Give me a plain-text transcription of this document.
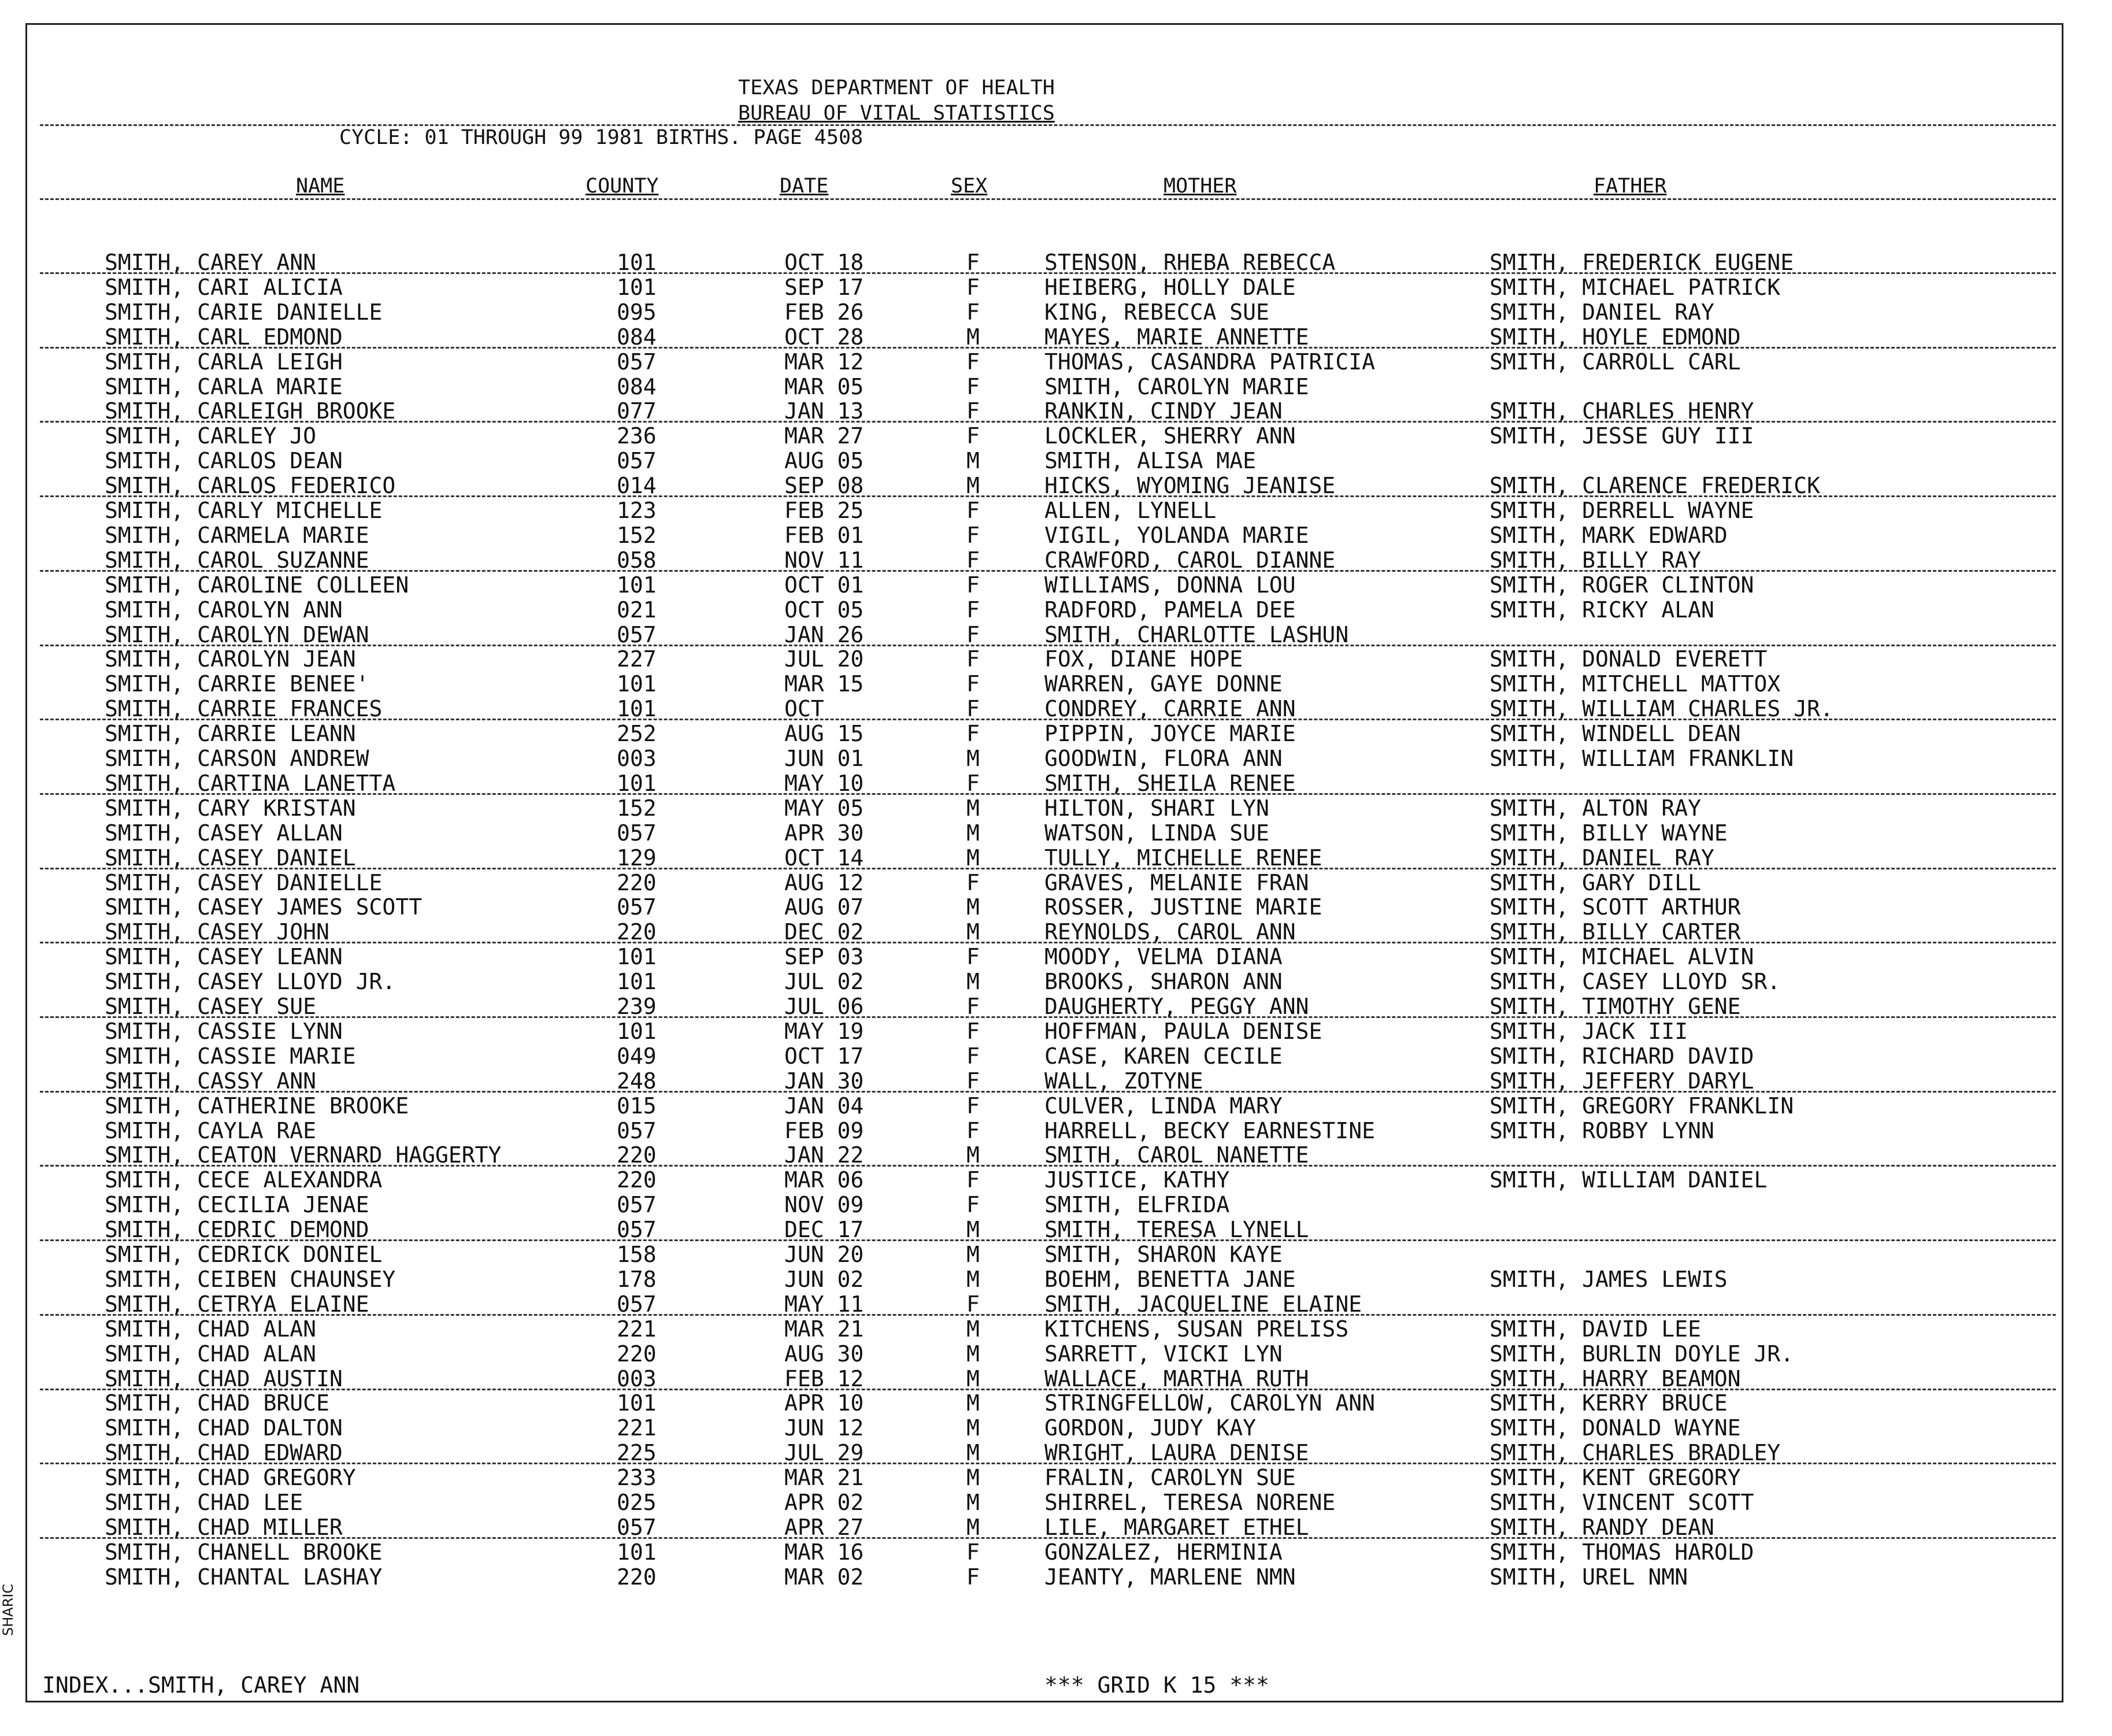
SHARIC
TEXAS DEPARTMENT OF HEALTH
BUREAU OF VITAL STATISTICS
CYCLE: 01 THROUGH 99 1981 BIRTHS. PAGE 4508
NAME	COUNTY	DATE	SEX	MOTHER	FATHER
SMITH, CAREY ANN	101	OCT 18	F	STENSON, RHEBA REBECCA	SMITH, FREDERICK EUGENE
SMITH, CARI ALICIA	101	SEP 17	F	HEIBERG, HOLLY DALE	SMITH, MICHAEL PATRICK
SMITH, CARIE DANIELLE	095	FEB 26	F	KING, REBECCA SUE	SMITH, DANIEL RAY
SMITH, CARL EDMOND	084	OCT 28	M	MAYES, MARIE ANNETTE	SMITH, HOYLE EDMOND
SMITH, CARLA LEIGH	057	MAR 12	F	THOMAS, CASANDRA PATRICIA	SMITH, CARROLL CARL
SMITH, CARLA MARIE	084	MAR 05	F	SMITH, CAROLYN MARIE
SMITH, CARLEIGH BROOKE	077	JAN 13	F	RANKIN, CINDY JEAN	SMITH, CHARLES HENRY
SMITH, CARLEY JO	236	MAR 27	F	LOCKLER, SHERRY ANN	SMITH, JESSE GUY III
SMITH, CARLOS DEAN	057	AUG 05	M	SMITH, ALISA MAE
SMITH, CARLOS FEDERICO	014	SEP 08	M	HICKS, WYOMING JEANISE	SMITH, CLARENCE FREDERICK
SMITH, CARLY MICHELLE	123	FEB 25	F	ALLEN, LYNELL	SMITH, DERRELL WAYNE
SMITH, CARMELA MARIE	152	FEB 01	F	VIGIL, YOLANDA MARIE	SMITH, MARK EDWARD
SMITH, CAROL SUZANNE	058	NOV 11	F	CRAWFORD, CAROL DIANNE	SMITH, BILLY RAY
SMITH, CAROLINE COLLEEN	101	OCT 01	F	WILLIAMS, DONNA LOU	SMITH, ROGER CLINTON
SMITH, CAROLYN ANN	021	OCT 05	F	RADFORD, PAMELA DEE	SMITH, RICKY ALAN
SMITH, CAROLYN DEWAN	057	JAN 26	F	SMITH, CHARLOTTE LASHUN
SMITH, CAROLYN JEAN	227	JUL 20	F	FOX, DIANE HOPE	SMITH, DONALD EVERETT
SMITH, CARRIE BENEE'	101	MAR 15	F	WARREN, GAYE DONNE	SMITH, MITCHELL MATTOX
SMITH, CARRIE FRANCES	101	OCT	F	CONDREY, CARRIE ANN	SMITH, WILLIAM CHARLES JR.
SMITH, CARRIE LEANN	252	AUG 15	F	PIPPIN, JOYCE MARIE	SMITH, WINDELL DEAN
SMITH, CARSON ANDREW	003	JUN 01	M	GOODWIN, FLORA ANN	SMITH, WILLIAM FRANKLIN
SMITH, CARTINA LANETTA	101	MAY 10	F	SMITH, SHEILA RENEE
SMITH, CARY KRISTAN	152	MAY 05	M	HILTON, SHARI LYN	SMITH, ALTON RAY
SMITH, CASEY ALLAN	057	APR 30	M	WATSON, LINDA SUE	SMITH, BILLY WAYNE
SMITH, CASEY DANIEL	129	OCT 14	M	TULLY, MICHELLE RENEE	SMITH, DANIEL RAY
SMITH, CASEY DANIELLE	220	AUG 12	F	GRAVES, MELANIE FRAN	SMITH, GARY DILL
SMITH, CASEY JAMES SCOTT	057	AUG 07	M	ROSSER, JUSTINE MARIE	SMITH, SCOTT ARTHUR
SMITH, CASEY JOHN	220	DEC 02	M	REYNOLDS, CAROL ANN	SMITH, BILLY CARTER
SMITH, CASEY LEANN	101	SEP 03	F	MOODY, VELMA DIANA	SMITH, MICHAEL ALVIN
SMITH, CASEY LLOYD JR.	101	JUL 02	M	BROOKS, SHARON ANN	SMITH, CASEY LLOYD SR.
SMITH, CASEY SUE	239	JUL 06	F	DAUGHERTY, PEGGY ANN	SMITH, TIMOTHY GENE
SMITH, CASSIE LYNN	101	MAY 19	F	HOFFMAN, PAULA DENISE	SMITH, JACK III
SMITH, CASSIE MARIE	049	OCT 17	F	CASE, KAREN CECILE	SMITH, RICHARD DAVID
SMITH, CASSY ANN	248	JAN 30	F	WALL, ZOTYNE	SMITH, JEFFERY DARYL
SMITH, CATHERINE BROOKE	015	JAN 04	F	CULVER, LINDA MARY	SMITH, GREGORY FRANKLIN
SMITH, CAYLA RAE	057	FEB 09	F	HARRELL, BECKY EARNESTINE	SMITH, ROBBY LYNN
SMITH, CEATON VERNARD HAGGERTY	220	JAN 22	M	SMITH, CAROL NANETTE
SMITH, CECE ALEXANDRA	220	MAR 06	F	JUSTICE, KATHY	SMITH, WILLIAM DANIEL
SMITH, CECILIA JENAE	057	NOV 09	F	SMITH, ELFRIDA
SMITH, CEDRIC DEMOND	057	DEC 17	M	SMITH, TERESA LYNELL
SMITH, CEDRICK DONIEL	158	JUN 20	M	SMITH, SHARON KAYE
SMITH, CEIBEN CHAUNSEY	178	JUN 02	M	BOEHM, BENETTA JANE	SMITH, JAMES LEWIS
SMITH, CETRYA ELAINE	057	MAY 11	F	SMITH, JACQUELINE ELAINE
SMITH, CHAD ALAN	221	MAR 21	M	KITCHENS, SUSAN PRELISS	SMITH, DAVID LEE
SMITH, CHAD ALAN	220	AUG 30	M	SARRETT, VICKI LYN	SMITH, BURLIN DOYLE JR.
SMITH, CHAD AUSTIN	003	FEB 12	M	WALLACE, MARTHA RUTH	SMITH, HARRY BEAMON
SMITH, CHAD BRUCE	101	APR 10	M	STRINGFELLOW, CAROLYN ANN	SMITH, KERRY BRUCE
SMITH, CHAD DALTON	221	JUN 12	M	GORDON, JUDY KAY	SMITH, DONALD WAYNE
SMITH, CHAD EDWARD	225	JUL 29	M	WRIGHT, LAURA DENISE	SMITH, CHARLES BRADLEY
SMITH, CHAD GREGORY	233	MAR 21	M	FRALIN, CAROLYN SUE	SMITH, KENT GREGORY
SMITH, CHAD LEE	025	APR 02	M	SHIRREL, TERESA NORENE	SMITH, VINCENT SCOTT
SMITH, CHAD MILLER	057	APR 27	M	LILE, MARGARET ETHEL	SMITH, RANDY DEAN
SMITH, CHANELL BROOKE	101	MAR 16	F	GONZALEZ, HERMINIA	SMITH, THOMAS HAROLD
SMITH, CHANTAL LASHAY	220	MAR 02	F	JEANTY, MARLENE NMN	SMITH, UREL NMN
INDEX...SMITH, CAREY ANN	*** GRID K 15 ***
